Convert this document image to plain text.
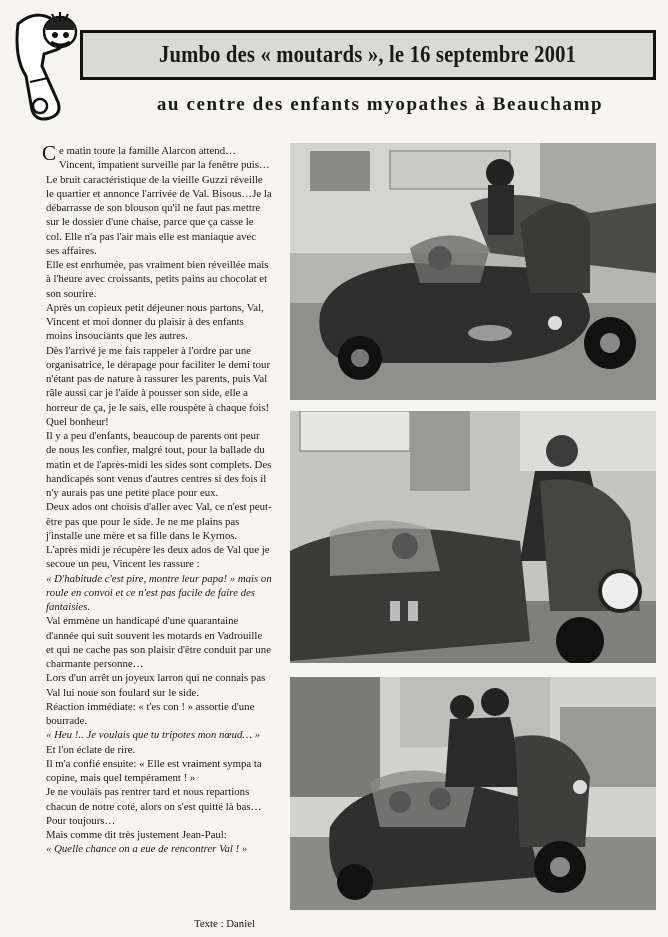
Jumbo des « moutards », le 16 septembre 2001
au centre des enfants myopathes à Beauchamp

Ce matin toute la famille Alarcon attend… Vincent, impatient surveille par la fenêtre puis…

Le bruit caractéristique de la vieille Guzzi réveille le quartier et annonce l'arrivée de Val. Bisous…Je la débarrasse de son blouson qu'il ne faut pas mettre sur le dossier d'une chaise, parce que ça casse le col. Elle n'a pas l'air mais elle est maniaque avec ses affaires.

Elle est enrhumée, pas vraiment bien réveillée mais à l'heure avec croissants, petits pains au chocolat et son sourire.

Après un copieux petit déjeuner nous partons, Val, Vincent et moi donner du plaisir à des enfants moins insouciants que les autres.

Dès l'arrivé je me fais rappeler à l'ordre par une organisatrice, le dérapage pour faciliter le demi tour n'étant pas de nature à rassurer les parents, puis Val râle aussi car je l'aide à pousser son side, elle a horreur de ça, je le sais, elle rouspète à chaque fois! Quel bonheur!

Il y a peu d'enfants, beaucoup de parents ont peur de nous les confier, malgré tout, pour la ballade du matin et de l'après-midi les sides sont complets. Des handicapés sont venus d'autres centres si des fois il n'y aurais pas une petite place pour eux.

Deux ados ont choisis d'aller avec Val, ce n'est peut-être pas que pour le side. Je ne me plains pas j'installe une mère et sa fille dans le Kyrnos.

L'après midi je récupère les deux ados de Val que je secoue un peu, Vincent les rassure :

« D'habitude c'est pire, montre leur papa! » mais on roule en convoi et ce n'est pas facile de faire des fantaisies.

Val emmène un handicapé d'une quarantaine d'année qui suit souvent les motards en Vadrouille et qui ne cache pas son plaisir d'être conduit par une charmante personne…

Lors d'un arrêt un joyeux larron qui ne connais pas Val lui noue son foulard sur le side.

Réaction immédiate: « t'es con ! » assortie d'une bourrade.

« Heu !.. Je voulais que tu tripotes mon nœud… »

Et l'on éclate de rire.

Il m'a confié ensuite: « Elle est vraiment sympa ta copine, mais quel tempérament ! »

Je ne voulais pas rentrer tard et nous repartions chacun de notre coté, alors on s'est quitté là bas… Pour toujours…

Mais comme dit très justement Jean-Paul:

« Quelle chance on a eue de rencontrer Val ! »

Texte : Daniel
